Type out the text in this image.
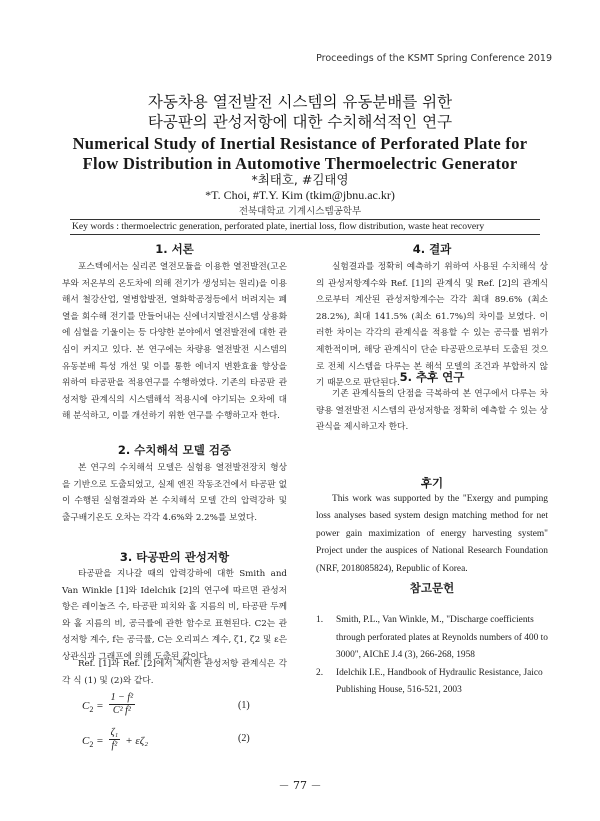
Proceedings of the KSMT Spring Conference 2019
자동차용 열전발전 시스템의 유동분배를 위한
타공판의 관성저항에 대한 수치해석적인 연구
Numerical Study of Inertial Resistance of Perforated Plate for
Flow Distribution in Automotive Thermoelectric Generator
*최태호, #김태영
*T. Choi, #T.Y. Kim (tkim@jbnu.ac.kr)
전북대학교 기계시스템공학부
Key words : thermoelectric generation, perforated plate, inertial loss, flow distribution, waste heat recovery
1. 서론
포스텍에서는 실리콘 열전모듈을 이용한 열전발전(고온부와 저온부의 온도차에 의해 전기가 생성되는 원리)을 이용해서 철강산업, 열병합발전, 열화학공정등에서 버려지는 폐열을 회수해 전기를 만들어내는 신에너지발전시스템 상용화에 심혈을 기울이는 등 다양한 분야에서 열전발전에 대한 관심이 커지고 있다. 본 연구에는 차량용 열전발전 시스템의 유동분배 특성 개선 및 이를 통한 에너지 변환효율 향상을 위하여 타공판을 적용연구를 수행하였다. 기존의 타공판 관성저항 관계식의 시스템해석 적용시에 야기되는 오차에 대해 분석하고, 이를 개선하기 위한 연구를 수행하고자 한다.
2. 수치해석 모델 검증
본 연구의 수치해석 모델은 실험용 열전발전장치 형상을 기반으로 도출되었고, 실제 엔진 작동조건에서 타공판 없이 수행된 실험결과와 본 수치해석 모델 간의 압력강하 및 출구배기온도 오차는 각각 4.6%와 2.2%를 보였다.
3. 타공판의 관성저항
타공판을 지나갈 때의 압력강하에 대한 Smith and Van Winkle [1]와 Idelchik [2]의 연구에 따르면 관성저항은 레이놀즈 수, 타공판 피치와 홀 지름의 비, 타공판 두께와 홀 지름의 비, 공극률에 관한 함수로 표현된다. C2는 관성저항 계수, f는 공극률, C는 오리피스 계수, ζ1, ζ2 및 ε은 상관식과 그래프에 의해 도출된 값이다.
Ref. [1]과 Ref. [2]에서 제시한 관성저항 관계식은 각각 식 (1) 및 (2)와 같다.
$C_2 = \frac{\text{1 − f²}}{\text{C² f²}}$	(1)
$C_2 = \frac{\text{ζ₁}}{\text{f²}} + \varepsilon\zeta_2$	(2)
4. 결과
실험결과를 정확히 예측하기 위하여 사용된 수치해석 상의 관성저항계수와 Ref. [1]의 관계식 및 Ref. [2]의 관계식으로부터 계산된 관성저항계수는 각각 최대 89.6% (최소 28.2%), 최대 141.5% (최소 61.7%)의 차이를 보였다. 이러한 차이는 각각의 관계식을 적용할 수 있는 공극률 범위가 제한적이며, 해당 관계식이 단순 타공판으로부터 도출된 것으로 전체 시스템을 다루는 본 해석 모델의 조건과 부합하지 않기 때문으로 판단된다. 5. 추후 연구
기존 관계식들의 단점을 극복하여 본 연구에서 다루는 차량용 열전발전 시스템의 관성저항을 정확히 예측할 수 있는 상관식을 제시하고자 한다.
후기
This work was supported by the "Exergy and pumping loss analyses based system design matching method for net power gain maximization of energy harvesting system" Project under the auspices of National Research Foundation (NRF, 2018085824), Republic of Korea.
참고문헌
1. Smith, P.L., Van Winkle, M., "Discharge coefficients through perforated plates at Reynolds numbers of 400 to 3000", AIChE J.4 (3), 266-268, 1958
2. Idelchik I.E., Handbook of Hydraulic Resistance, Jaico Publishing House, 516-521, 2003
－ 77 －
